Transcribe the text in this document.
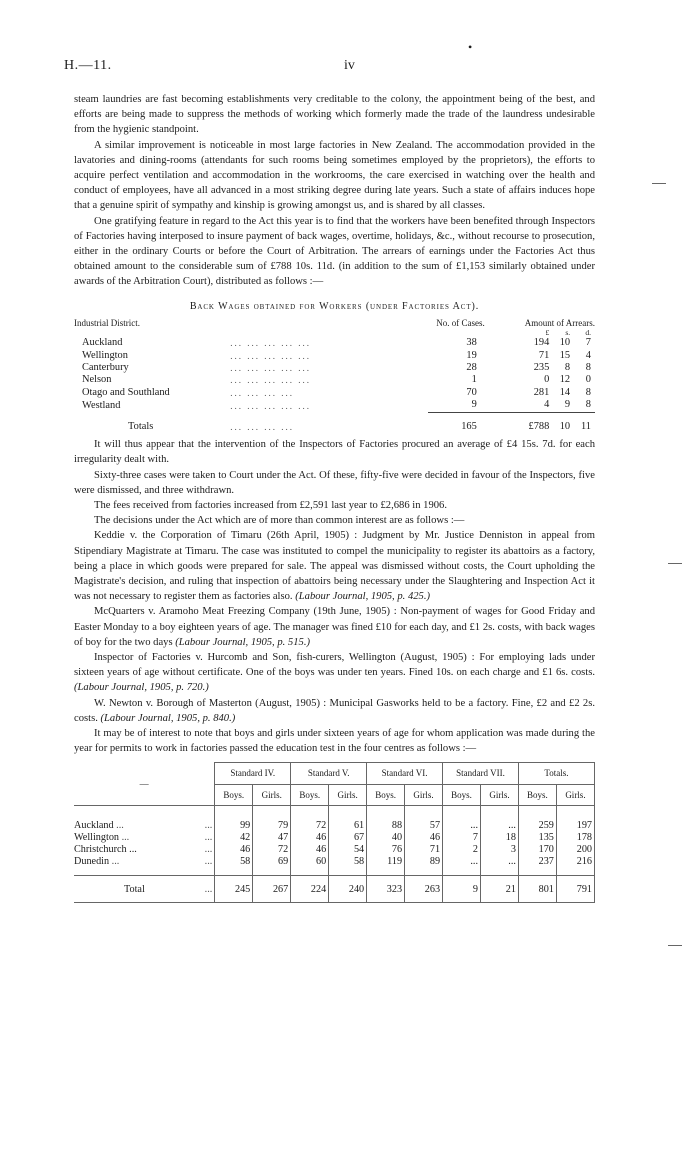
H.—11.	iv
•

steam laundries are fast becoming establishments very creditable to the colony, the appointment being of the best, and efforts are being made to suppress the methods of working which formerly made the trade of the laundress undesirable from the hygienic standpoint.

A similar improvement is noticeable in most large factories in New Zealand. The accommodation provided in the lavatories and dining-rooms (attendants for such rooms being sometimes employed by the proprietors), the efforts to acquire perfect ventilation and accommodation in the workrooms, the care exercised in watching over the health and conduct of employees, have all advanced in a most striking degree during late years. Such a state of affairs induces hope that a genuine spirit of sympathy and kinship is growing amongst us, and is shared by all classes.

One gratifying feature in regard to the Act this year is to find that the workers have been benefited through Inspectors of Factories having interposed to insure payment of back wages, overtime, holidays, &c., without recourse to prosecution, either in the ordinary Courts or before the Court of Arbitration. The arrears of earnings under the Factories Act thus obtained amount to the considerable sum of £788 10s. 11d. (in addition to the sum of £1,153 similarly obtained under awards of the Arbitration Court), distributed as follows :—

Back Wages obtained for Workers (under Factories Act).
Industrial District.		No. of Cases.	Amount of Arrears.		
			£	s.	d.
Auckland	... ... ... ... ...	38	194	10	7
Wellington	... ... ... ... ...	19	71	15	4
Canterbury	... ... ... ... ...	28	235	8	8
Nelson	... ... ... ... ...	1	0	12	0
Otago and Southland	... ... ... ...	70	281	14	8
Westland	... ... ... ... ...	9	4	9	8

Totals	... ... ... ...	165	£788	10	11

It will thus appear that the intervention of the Inspectors of Factories procured an average of £4 15s. 7d. for each irregularity dealt with.

Sixty-three cases were taken to Court under the Act. Of these, fifty-five were decided in favour of the Inspectors, five were dismissed, and three withdrawn.

The fees received from factories increased from £2,591 last year to £2,686 in 1906.

The decisions under the Act which are of more than common interest are as follows :—

Keddie v. the Corporation of Timaru (26th April, 1905) : Judgment by Mr. Justice Denniston in appeal from Stipendiary Magistrate at Timaru. The case was instituted to compel the municipality to register its abattoirs as a factory, being a place in which goods were prepared for sale. The appeal was dismissed without costs, the Court upholding the Magistrate's decision, and ruling that inspection of abattoirs being necessary under the Slaughtering and Inspection Act it was not necessary to register them as factories also. (Labour Journal, 1905, p. 425.)

McQuarters v. Aramoho Meat Freezing Company (19th June, 1905) : Non-payment of wages for Good Friday and Easter Monday to a boy eighteen years of age. The manager was fined £10 for each day, and £1 2s. costs, with back wages of boy for the two days (Labour Journal, 1905, p. 515.)

Inspector of Factories v. Hurcomb and Son, fish-curers, Wellington (August, 1905) : For employing lads under sixteen years of age without certificate. One of the boys was under ten years. Fined 10s. on each charge and £1 6s. costs. (Labour Journal, 1905, p. 720.)

W. Newton v. Borough of Masterton (August, 1905) : Municipal Gasworks held to be a factory. Fine, £2 and £2 2s. costs. (Labour Journal, 1905, p. 840.)

It may be of interest to note that boys and girls under sixteen years of age for whom application was made during the year for permits to work in factories passed the education test in the four centres as follows :—

—	Standard IV.		Standard V.		Standard VI.		Standard VII.		Totals.	
	Boys.	Girls.	Boys.	Girls.	Boys.	Girls.	Boys.	Girls.	Boys.	Girls.
Auckland ... ...	99	79	72	61	88	57	...	...	259	197
Wellington ... ...	42	47	46	67	40	46	7	18	135	178
Christchurch ... ...	46	72	46	54	76	71	2	3	170	200
Dunedin ... ...	58	69	60	58	119	89	...	...	237	216
Total ...	245	267	224	240	323	263	9	21	801	791
